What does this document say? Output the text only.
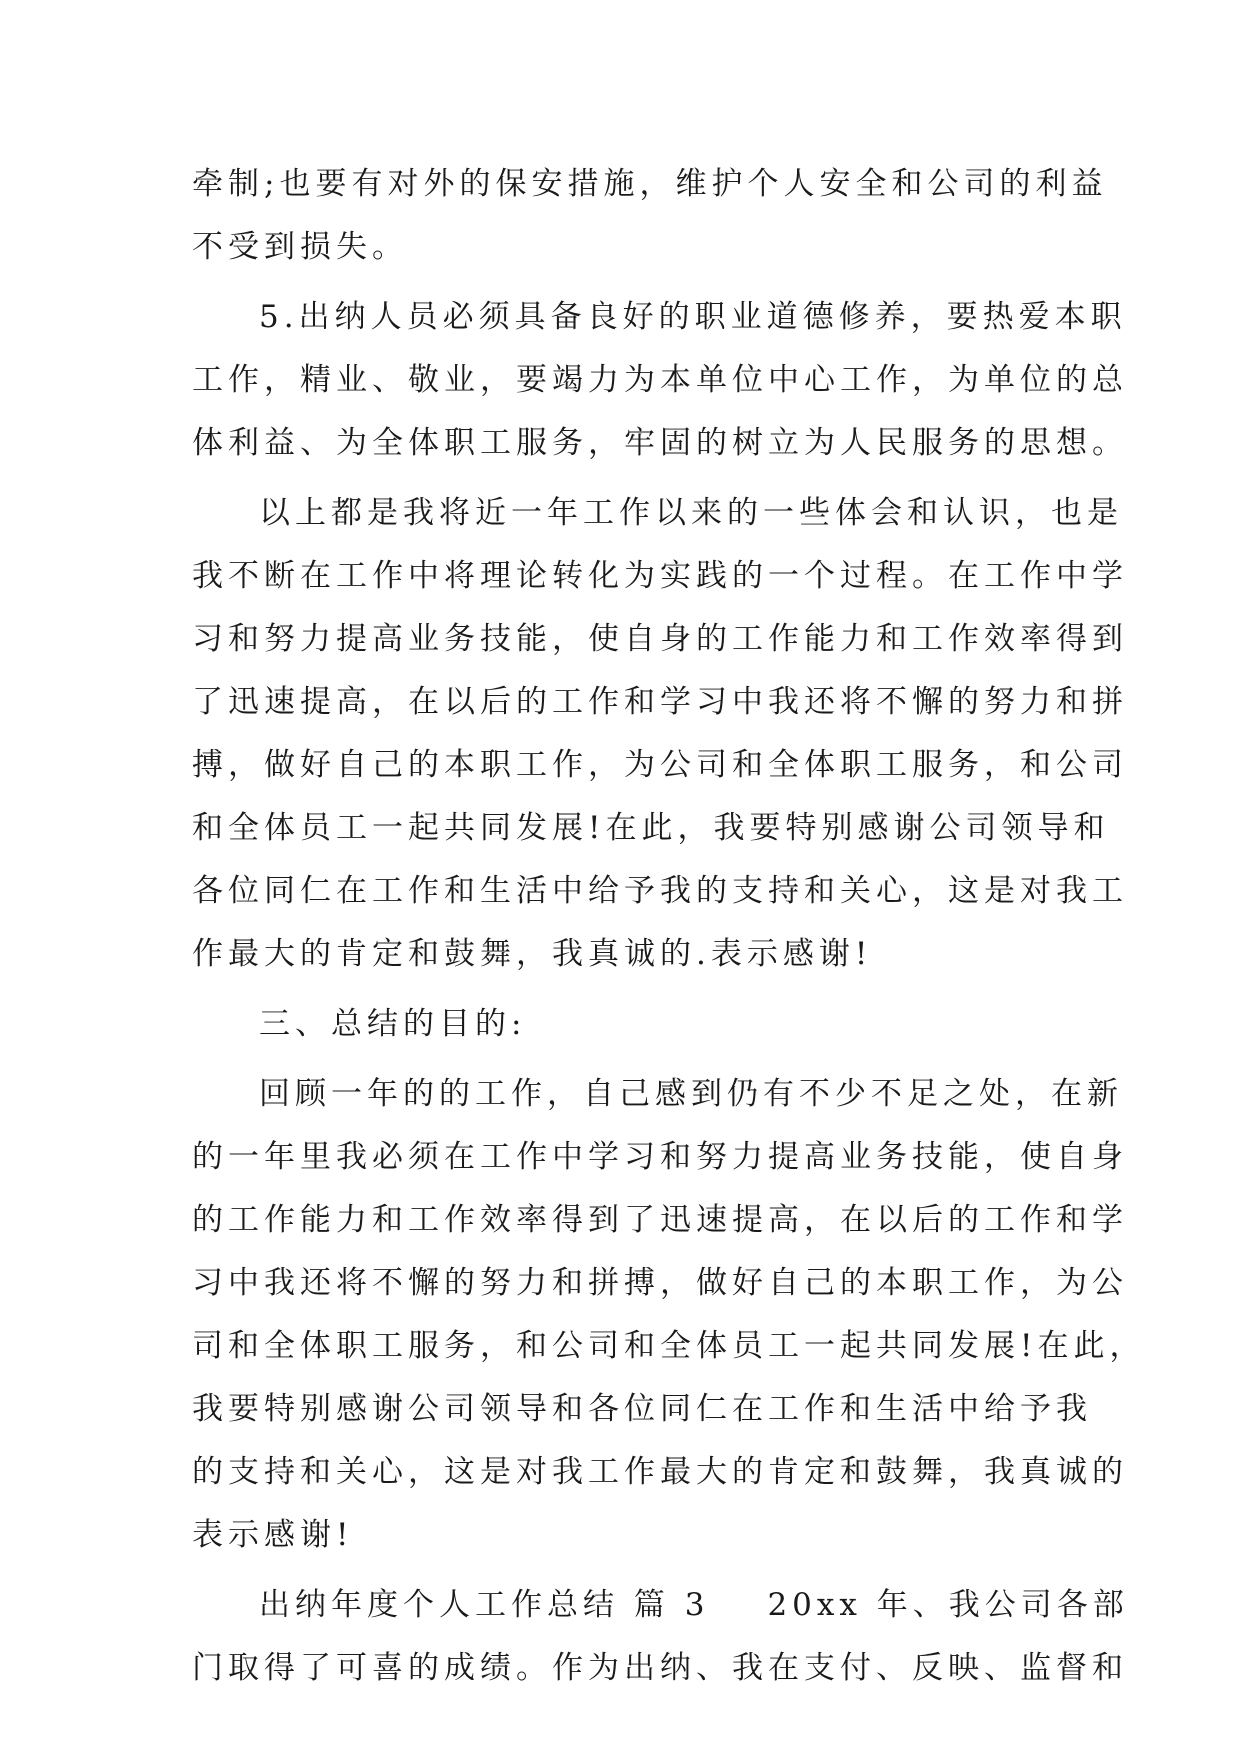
牵制;也要有对外的保安措施，维护个人安全和公司的利益
不受到损失。
5.出纳人员必须具备良好的职业道德修养，要热爱本职
工作，精业、敬业，要竭力为本单位中心工作，为单位的总
体利益、为全体职工服务，牢固的树立为人民服务的思想。
以上都是我将近一年工作以来的一些体会和认识，也是
我不断在工作中将理论转化为实践的一个过程。在工作中学
习和努力提高业务技能，使自身的工作能力和工作效率得到
了迅速提高，在以后的工作和学习中我还将不懈的努力和拼
搏，做好自己的本职工作，为公司和全体职工服务，和公司
和全体员工一起共同发展!在此，我要特别感谢公司领导和
各位同仁在工作和生活中给予我的支持和关心，这是对我工
作最大的肯定和鼓舞，我真诚的.表示感谢!
三、总结的目的:
回顾一年的的工作，自己感到仍有不少不足之处，在新
的一年里我必须在工作中学习和努力提高业务技能，使自身
的工作能力和工作效率得到了迅速提高，在以后的工作和学
习中我还将不懈的努力和拼搏，做好自己的本职工作，为公
司和全体职工服务，和公司和全体员工一起共同发展!在此，
我要特别感谢公司领导和各位同仁在工作和生活中给予我
的支持和关心，这是对我工作最大的肯定和鼓舞，我真诚的
表示感谢!
出纳年度个人工作总结 篇 3 20xx 年、我公司各部
门取得了可喜的成绩。作为出纳、我在支付、反映、监督和
